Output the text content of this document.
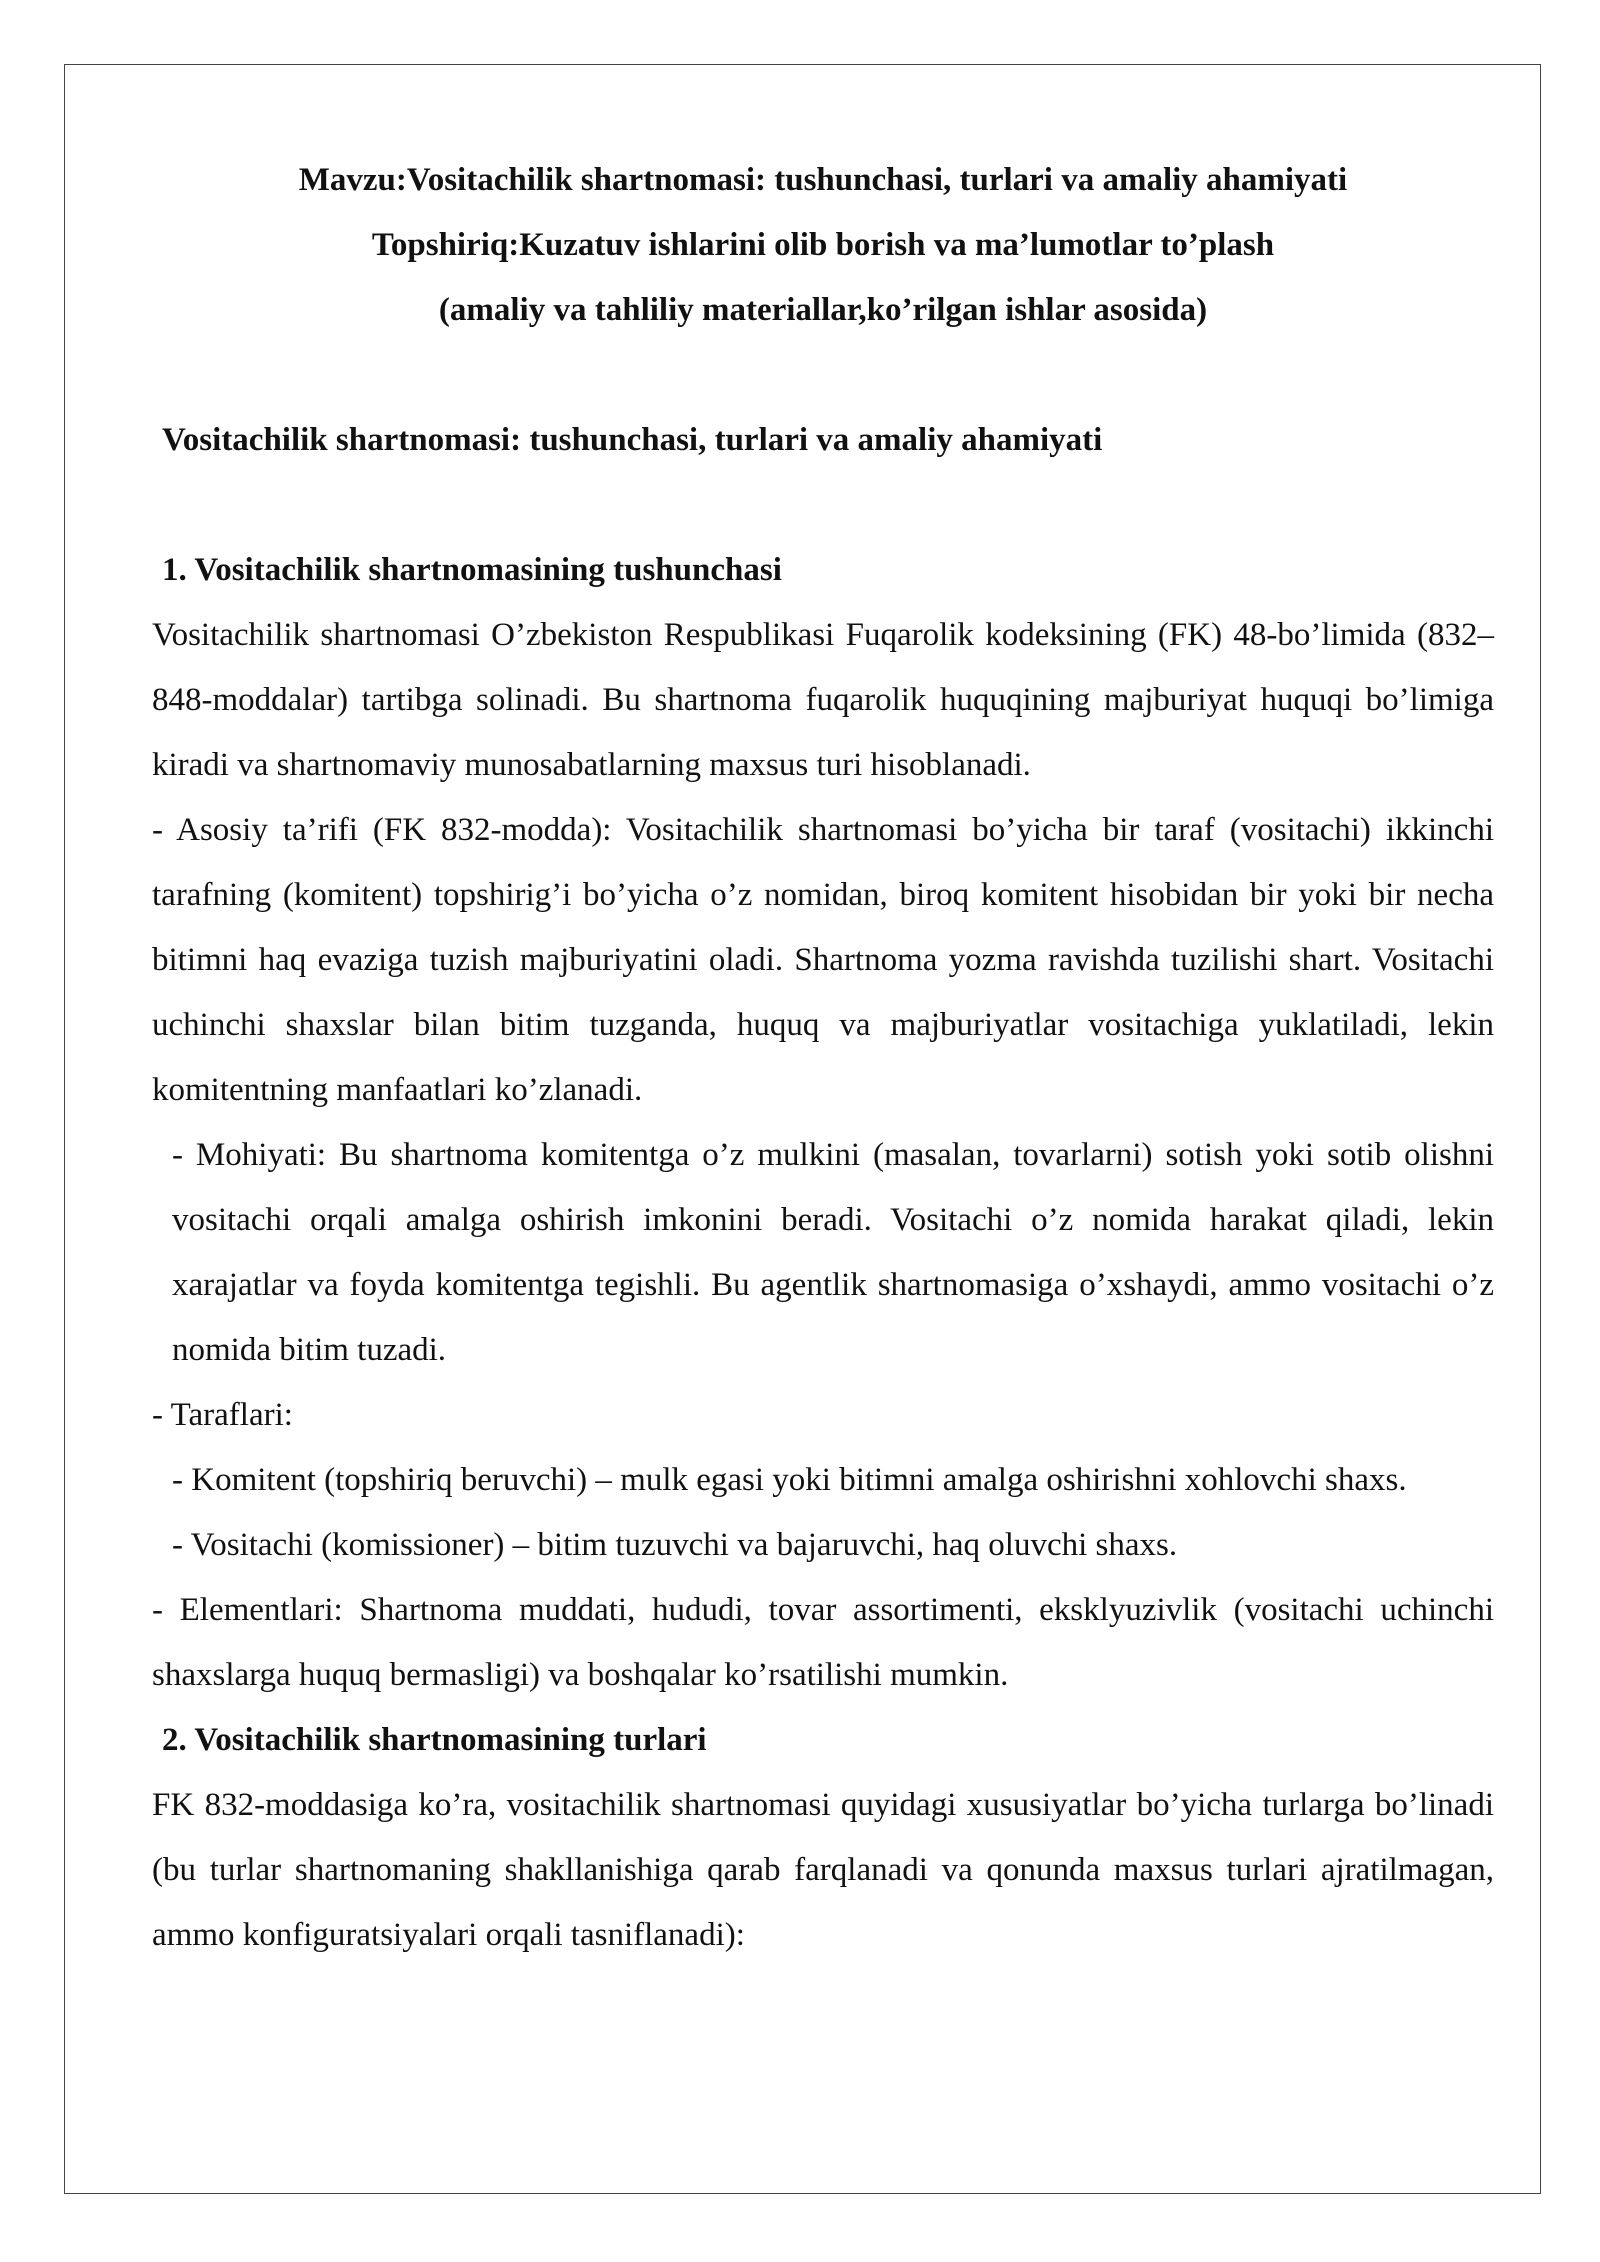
Mavzu:Vositachilik shartnomasi: tushunchasi, turlari va amaliy ahamiyati
Topshiriq:Kuzatuv ishlarini olib borish va ma’lumotlar to’plash
(amaliy va tahliliy materiallar,ko’rilgan ishlar asosida)
Vositachilik shartnomasi: tushunchasi, turlari va amaliy ahamiyati
1. Vositachilik shartnomasining tushunchasi

Vositachilik shartnomasi O’zbekiston Respublikasi Fuqarolik kodeksining (FK) 48-bo’limida (832–848-moddalar) tartibga solinadi. Bu shartnoma fuqarolik huquqining majburiyat huquqi bo’limiga kiradi va shartnomaviy munosabatlarning maxsus turi hisoblanadi.

- Asosiy ta’rifi (FK 832-modda): Vositachilik shartnomasi bo’yicha bir taraf (vositachi) ikkinchi tarafning (komitent) topshirig’i bo’yicha o’z nomidan, biroq komitent hisobidan bir yoki bir necha bitimni haq evaziga tuzish majburiyatini oladi. Shartnoma yozma ravishda tuzilishi shart. Vositachi uchinchi shaxslar bilan bitim tuzganda, huquq va majburiyatlar vositachiga yuklatiladi, lekin komitentning manfaatlari ko’zlanadi.

- Mohiyati: Bu shartnoma komitentga o’z mulkini (masalan, tovarlarni) sotish yoki sotib olishni vositachi orqali amalga oshirish imkonini beradi. Vositachi o’z nomida harakat qiladi, lekin xarajatlar va foyda komitentga tegishli. Bu agentlik shartnomasiga o’xshaydi, ammo vositachi o’z nomida bitim tuzadi.

- Taraflari:

- Komitent (topshiriq beruvchi) – mulk egasi yoki bitimni amalga oshirishni xohlovchi shaxs.

- Vositachi (komissioner) – bitim tuzuvchi va bajaruvchi, haq oluvchi shaxs.

- Elementlari: Shartnoma muddati, hududi, tovar assortimenti, eksklyuzivlik (vositachi uchinchi shaxslarga huquq bermasligi) va boshqalar ko’rsatilishi mumkin.

2. Vositachilik shartnomasining turlari

FK 832-moddasiga ko’ra, vositachilik shartnomasi quyidagi xususiyatlar bo’yicha turlarga bo’linadi (bu turlar shartnomaning shakllanishiga qarab farqlanadi va qonunda maxsus turlari ajratilmagan, ammo konfiguratsiyalari orqali tasniflanadi):
